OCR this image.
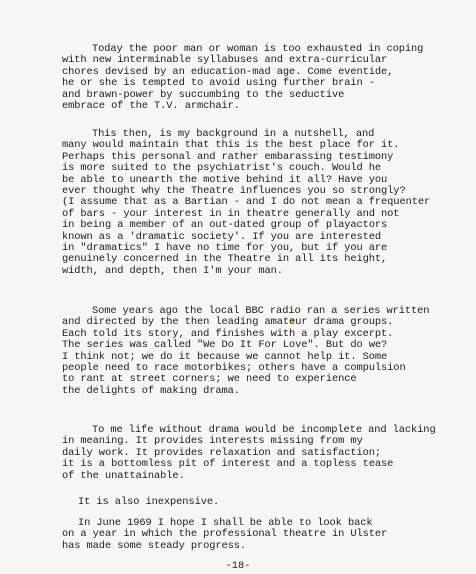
Today the poor man or woman is too exhausted in coping
with new interminable syllabuses and extra-curricular
chores devised by an education-mad age. Come eventide,
he or she is tempted to avoid using further brain -
and brawn-power by succumbing to the seductive
embrace of the T.V. armchair.
This then, is my background in a nutshell, and
many would maintain that this is the best place for it.
Perhaps this personal and rather embarassing testimony
is more suited to the psychiatrist's couch. Would he
be able to unearth the motive behind it all? Have you
ever thought why the Theatre influences you so strongly?
(I assume that as a Bartian - and I do not mean a frequenter
of bars - your interest in in theatre generally and not
in being a member of an out-dated group of playactors
known as a 'dramatic society'. If you are interested
in "dramatics" I have no time for you, but if you are
genuinely concerned in the Theatre in all its height,
width, and depth, then I'm your man.
Some years ago the local BBC radio ran a series written
and directed by the then leading amateur drama groups.
Each told its story, and finishes with a play excerpt.
The series was called "We Do It For Love". But do we?
I think not; we do it because we cannot help it. Some
people need to race motorbikes; others have a compulsion
to rant at street corners; we need to experience
the delights of making drama.
To me life without drama would be incomplete and lacking
in meaning. It provides interests missing from my
daily work. It provides relaxation and satisfaction;
it is a bottomless pit of interest and a topless tease
of the unattainable.
It is also inexpensive.
In June 1969 I hope I shall be able to look back
on a year in which the professional theatre in Ulster
has made some steady progress.
-18-
